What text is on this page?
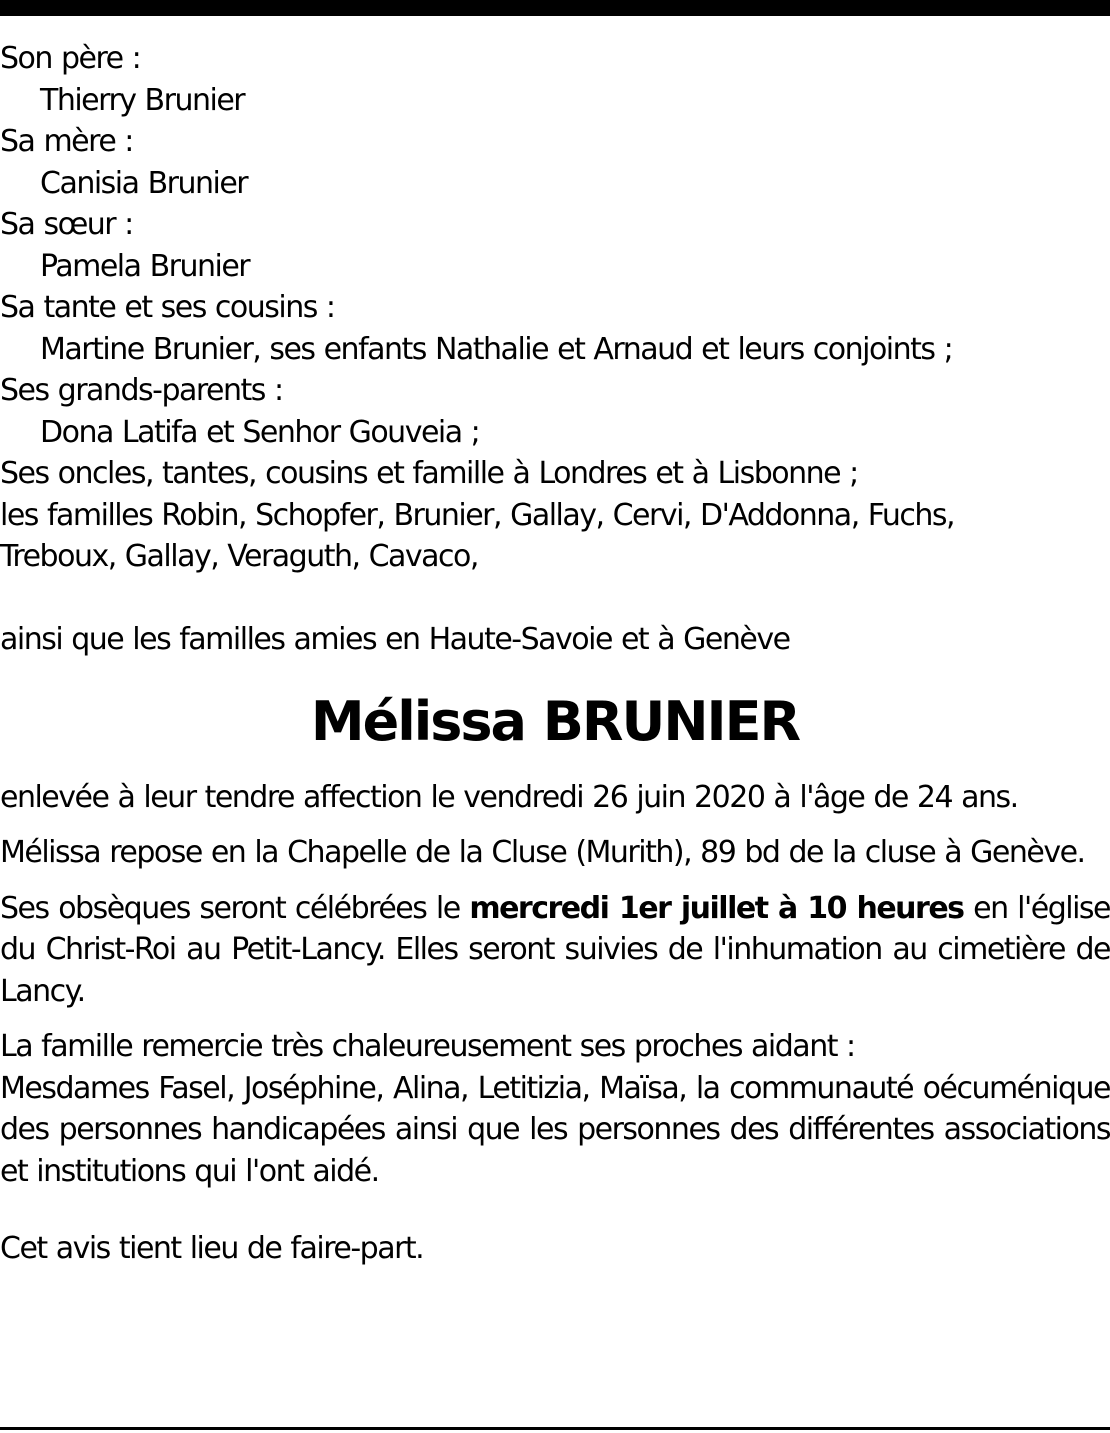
Son père :

Thierry Brunier

Sa mère :

Canisia Brunier

Sa sœur :

Pamela Brunier

Sa tante et ses cousins :

Martine Brunier, ses enfants Nathalie et Arnaud et leurs conjoints ;

Ses grands-parents :

Dona Latifa et Senhor Gouveia ;

Ses oncles, tantes, cousins et famille à Londres et à Lisbonne ;

les familles Robin, Schopfer, Brunier, Gallay, Cervi, D'Addonna, Fuchs,

Treboux, Gallay, Veraguth, Cavaco,

ainsi que les familles amies en Haute-Savoie et à Genève

Mélissa BRUNIER

enlevée à leur tendre affection le vendredi 26 juin 2020 à l'âge de 24 ans.

Mélissa repose en la Chapelle de la Cluse (Murith), 89 bd de la cluse à Genève.

Ses obsèques seront célébrées le mercredi 1er juillet à 10 heures en l'église du Christ-Roi au Petit-Lancy. Elles seront suivies de l'inhumation au cimetière de Lancy.

La famille remercie très chaleureusement ses proches aidant :
Mesdames Fasel, Joséphine, Alina, Letitizia, Maïsa, la communauté oécuménique des personnes handicapées ainsi que les personnes des différentes associations et institutions qui l'ont aidé.

Cet avis tient lieu de faire-part.
